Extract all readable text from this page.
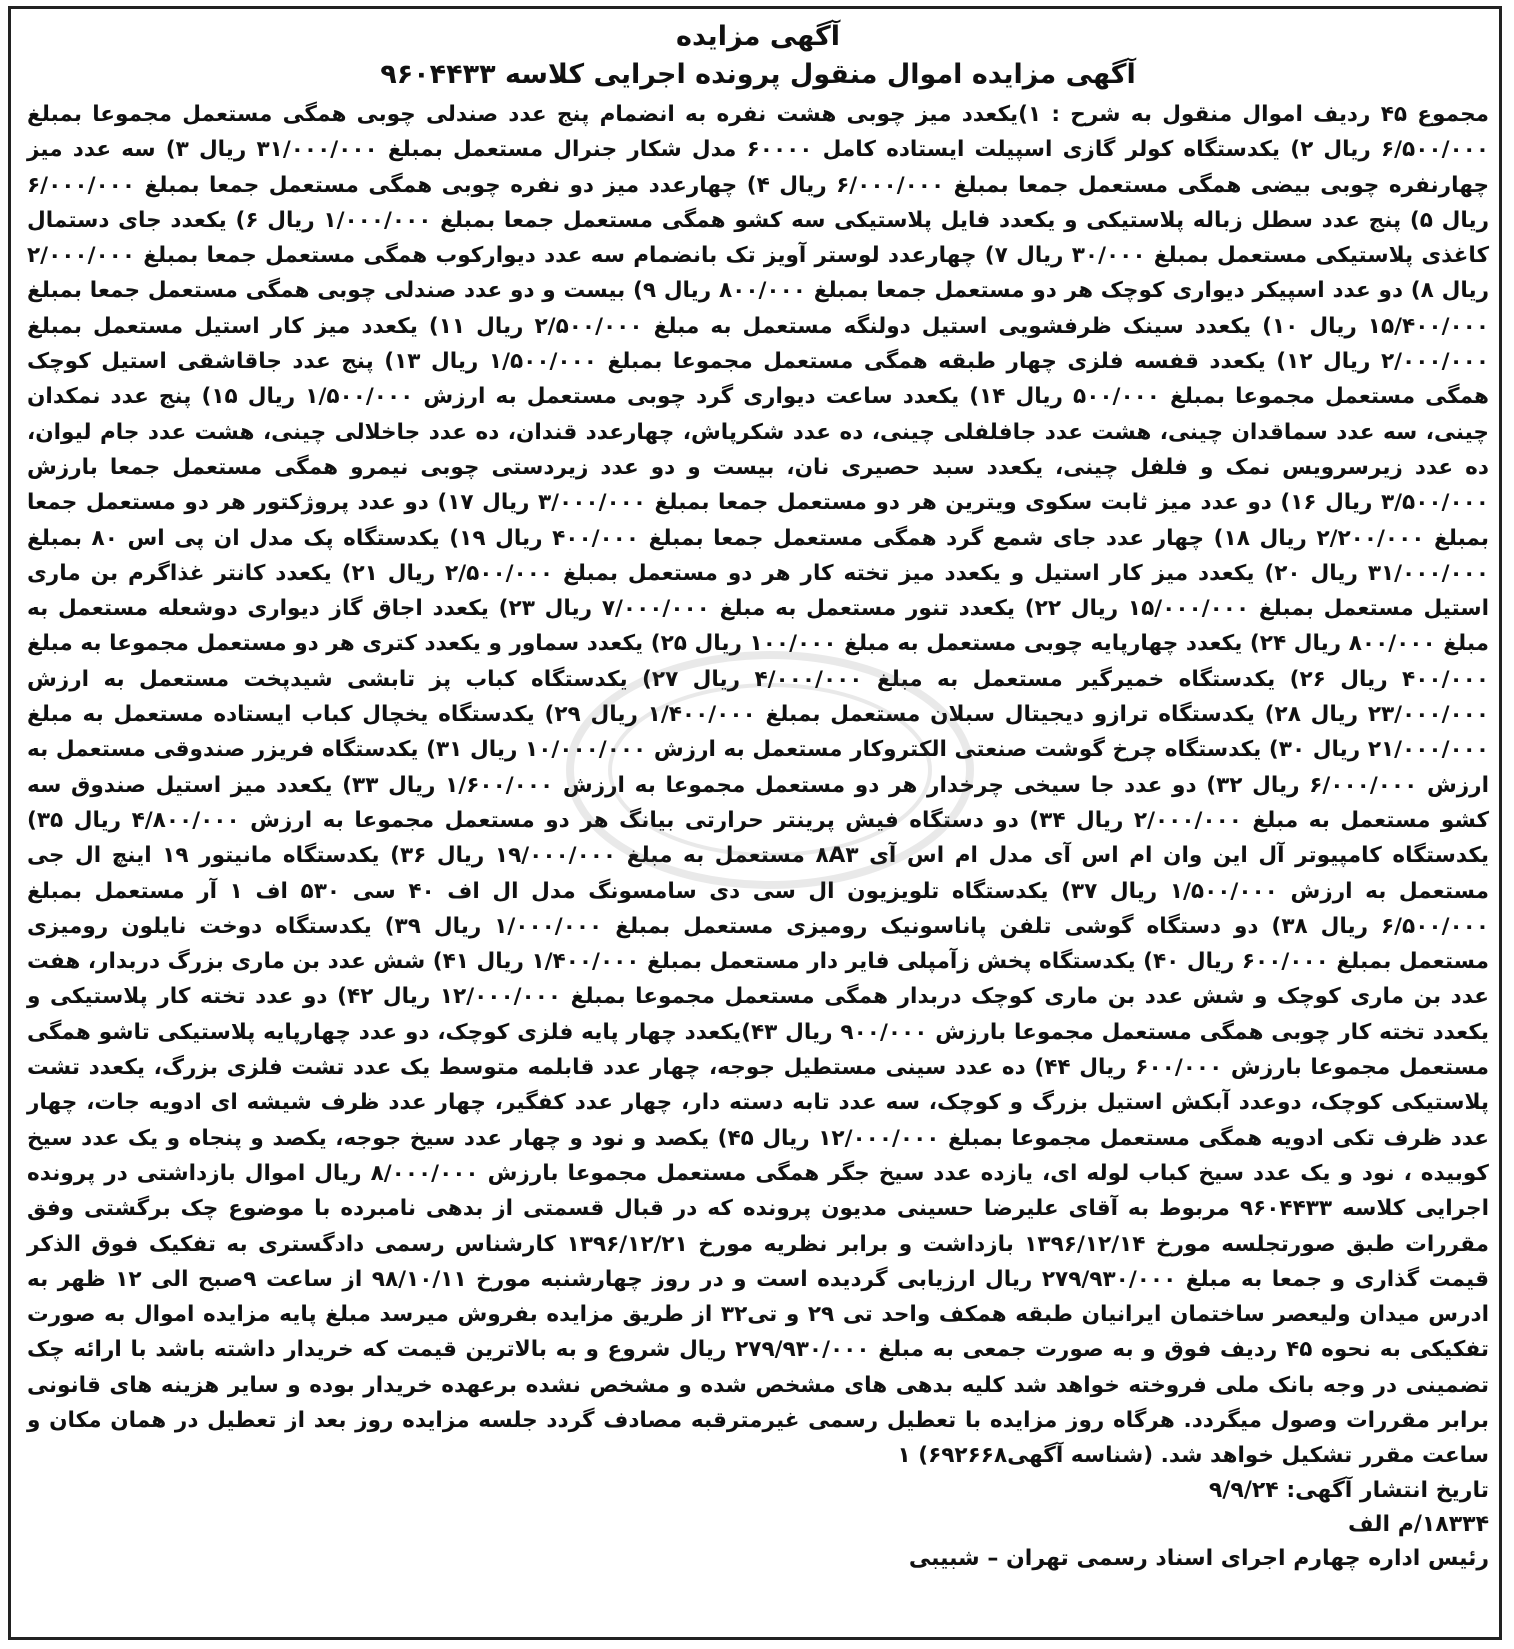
آگهی مزایده

آگهی مزایده اموال منقول پرونده اجرایی کلاسه ۹۶۰۴۴۳۳

مجموع ۴۵ ردیف اموال منقول به شرح : ۱)یکعدد میز چوبی هشت نفره به انضمام پنج عدد صندلی چوبی همگی مستعمل مجموعا بمبلغ ۶/۵۰۰/۰۰۰ ریال ۲) یکدستگاه کولر گازی اسپیلت ایستاده کامل ۶۰۰۰۰ مدل شکار جنرال مستعمل بمبلغ ۳۱/۰۰۰/۰۰۰ ریال ۳) سه عدد میز چهارنفره چوبی بیضی همگی مستعمل جمعا بمبلغ ۶/۰۰۰/۰۰۰ ریال ۴) چهارعدد میز دو نفره چوبی همگی مستعمل جمعا بمبلغ ۶/۰۰۰/۰۰۰ ریال ۵) پنج عدد سطل زباله پلاستیکی و یکعدد فایل پلاستیکی سه کشو همگی مستعمل جمعا بمبلغ ۱/۰۰۰/۰۰۰ ریال ۶) یکعدد جای دستمال کاغذی پلاستیکی مستعمل بمبلغ ۳۰/۰۰۰ ریال ۷) چهارعدد لوستر آویز تک بانضمام سه عدد دیوارکوب همگی مستعمل جمعا بمبلغ ۲/۰۰۰/۰۰۰ ریال ۸) دو عدد اسپیکر دیواری کوچک هر دو مستعمل جمعا بمبلغ ۸۰۰/۰۰۰ ریال ۹) بیست و دو عدد صندلی چوبی همگی مستعمل جمعا بمبلغ ۱۵/۴۰۰/۰۰۰ ریال ۱۰) یکعدد سینک ظرفشویی استیل دولنگه مستعمل به مبلغ ۲/۵۰۰/۰۰۰ ریال ۱۱) یکعدد میز کار استیل مستعمل بمبلغ ۲/۰۰۰/۰۰۰ ریال ۱۲) یکعدد قفسه فلزی چهار طبقه همگی مستعمل مجموعا بمبلغ ۱/۵۰۰/۰۰۰ ریال ۱۳) پنج عدد جاقاشقی استیل کوچک همگی مستعمل مجموعا بمبلغ ۵۰۰/۰۰۰ ریال ۱۴) یکعدد ساعت دیواری گرد چوبی مستعمل به ارزش ۱/۵۰۰/۰۰۰ ریال ۱۵) پنج عدد نمکدان چینی، سه عدد سماقدان چینی، هشت عدد جافلفلی چینی، ده عدد شکرپاش، چهارعدد قندان، ده عدد جاخلالی چینی، هشت عدد جام لیوان، ده عدد زیرسرویس نمک و فلفل چینی، یکعدد سبد حصیری نان، بیست و دو عدد زیردستی چوبی نیمرو همگی مستعمل جمعا بارزش ۳/۵۰۰/۰۰۰ ریال ۱۶) دو عدد میز ثابت سکوی ویترین هر دو مستعمل جمعا بمبلغ ۳/۰۰۰/۰۰۰ ریال ۱۷) دو عدد پروژکتور هر دو مستعمل جمعا بمبلغ ۲/۲۰۰/۰۰۰ ریال ۱۸) چهار عدد جای شمع گرد همگی مستعمل جمعا بمبلغ ۴۰۰/۰۰۰ ریال ۱۹) یکدستگاه پک مدل ان پی اس ۸۰ بمبلغ ۳۱/۰۰۰/۰۰۰ ریال ۲۰) یکعدد میز کار استیل و یکعدد میز تخته کار هر دو مستعمل بمبلغ ۲/۵۰۰/۰۰۰ ریال ۲۱) یکعدد کانتر غذاگرم بن ماری استیل مستعمل بمبلغ ۱۵/۰۰۰/۰۰۰ ریال ۲۲) یکعدد تنور مستعمل به مبلغ ۷/۰۰۰/۰۰۰ ریال ۲۳) یکعدد اجاق گاز دیواری دوشعله مستعمل به مبلغ ۸۰۰/۰۰۰ ریال ۲۴) یکعدد چهارپایه چوبی مستعمل به مبلغ ۱۰۰/۰۰۰ ریال ۲۵) یکعدد سماور و یکعدد کتری هر دو مستعمل مجموعا به مبلغ ۴۰۰/۰۰۰ ریال ۲۶) یکدستگاه خمیرگیر مستعمل به مبلغ ۴/۰۰۰/۰۰۰ ریال ۲۷) یکدستگاه کباب پز تابشی شیدپخت مستعمل به ارزش ۲۳/۰۰۰/۰۰۰ ریال ۲۸) یکدستگاه ترازو دیجیتال سبلان مستعمل بمبلغ ۱/۴۰۰/۰۰۰ ریال ۲۹) یکدستگاه یخچال کباب ایستاده مستعمل به مبلغ ۲۱/۰۰۰/۰۰۰ ریال ۳۰) یکدستگاه چرخ گوشت صنعتی الکتروکار مستعمل به ارزش ۱۰/۰۰۰/۰۰۰ ریال ۳۱) یکدستگاه فریزر صندوقی مستعمل به ارزش ۶/۰۰۰/۰۰۰ ریال ۳۲) دو عدد جا سیخی چرخدار هر دو مستعمل مجموعا به ارزش ۱/۶۰۰/۰۰۰ ریال ۳۳) یکعدد میز استیل صندوق سه کشو مستعمل به مبلغ ۲/۰۰۰/۰۰۰ ریال ۳۴) دو دستگاه فیش پرینتر حرارتی بیانگ هر دو مستعمل مجموعا به ارزش ۴/۸۰۰/۰۰۰ ریال ۳۵) یکدستگاه کامپیوتر آل این وان ام اس آی مدل ام اس آی ۸A۳ مستعمل به مبلغ ۱۹/۰۰۰/۰۰۰ ریال ۳۶) یکدستگاه مانیتور ۱۹ اینچ ال جی مستعمل به ارزش ۱/۵۰۰/۰۰۰ ریال ۳۷) یکدستگاه تلویزیون ال سی دی سامسونگ مدل ال اف ۴۰ سی ۵۳۰ اف ۱ آر مستعمل بمبلغ ۶/۵۰۰/۰۰۰ ریال ۳۸) دو دستگاه گوشی تلفن پاناسونیک رومیزی مستعمل بمبلغ ۱/۰۰۰/۰۰۰ ریال ۳۹) یکدستگاه دوخت نایلون رومیزی مستعمل بمبلغ ۶۰۰/۰۰۰ ریال ۴۰) یکدستگاه پخش زآمپلی فایر دار مستعمل بمبلغ ۱/۴۰۰/۰۰۰ ریال ۴۱) شش عدد بن ماری بزرگ دربدار، هفت عدد بن ماری کوچک و شش عدد بن ماری کوچک دربدار همگی مستعمل مجموعا بمبلغ ۱۲/۰۰۰/۰۰۰ ریال ۴۲) دو عدد تخته کار پلاستیکی و یکعدد تخته کار چوبی همگی مستعمل مجموعا بارزش ۹۰۰/۰۰۰ ریال ۴۳)یکعدد چهار پایه فلزی کوچک، دو عدد چهارپایه پلاستیکی تاشو همگی مستعمل مجموعا بارزش ۶۰۰/۰۰۰ ریال ۴۴) ده عدد سینی مستطیل جوجه، چهار عدد قابلمه متوسط یک عدد تشت فلزی بزرگ، یکعدد تشت پلاستیکی کوچک، دوعدد آبکش استیل بزرگ و کوچک، سه عدد تابه دسته دار، چهار عدد کفگیر، چهار عدد ظرف شیشه ای ادویه جات، چهار عدد ظرف تکی ادویه همگی مستعمل مجموعا بمبلغ ۱۲/۰۰۰/۰۰۰ ریال ۴۵) یکصد و نود و چهار عدد سیخ جوجه، یکصد و پنجاه و یک عدد سیخ کوبیده ، نود و یک عدد سیخ کباب لوله ای، یازده عدد سیخ جگر همگی مستعمل مجموعا بارزش ۸/۰۰۰/۰۰۰ ریال اموال بازداشتی در پرونده اجرایی کلاسه ۹۶۰۴۴۳۳ مربوط به آقای علیرضا حسینی مدیون پرونده که در قبال قسمتی از بدهی نامبرده با موضوع چک برگشتی وفق مقررات طبق صورتجلسه مورخ ۱۳۹۶/۱۲/۱۴ بازداشت و برابر نظریه مورخ ۱۳۹۶/۱۲/۲۱ کارشناس رسمی دادگستری به تفکیک فوق الذکر قیمت گذاری و جمعا به مبلغ ۲۷۹/۹۳۰/۰۰۰ ریال ارزیابی گردیده است و در روز چهارشنبه مورخ ۹۸/۱۰/۱۱ از ساعت ۹صبح الی ۱۲ ظهر به ادرس میدان ولیعصر ساختمان ایرانیان طبقه همکف واحد تی ۲۹ و تی۳۲ از طریق مزایده بفروش میرسد مبلغ پایه مزایده اموال به صورت تفکیکی به نحوه ۴۵ ردیف فوق و به صورت جمعی به مبلغ ۲۷۹/۹۳۰/۰۰۰ ریال شروع و به بالاترین قیمت که خریدار داشته باشد با ارائه چک تضمینی در وجه بانک ملی فروخته خواهد شد کلیه بدهی های مشخص شده و مشخص نشده برعهده خریدار بوده و سایر هزینه های قانونی برابر مقررات وصول میگردد. هرگاه روز مزایده با تعطیل رسمی غیرمترقبه مصادف گردد جلسه مزایده روز بعد از تعطیل در همان مکان و ساعت مقرر تشکیل خواهد شد. (شناسه آگهی۶۹۲۶۶۸) ۱

تاریخ انتشار آگهی: ۹/۹/۲۴

۱۸۳۳۴/م الف

رئیس اداره چهارم اجرای اسناد رسمی تهران – شبیبی
